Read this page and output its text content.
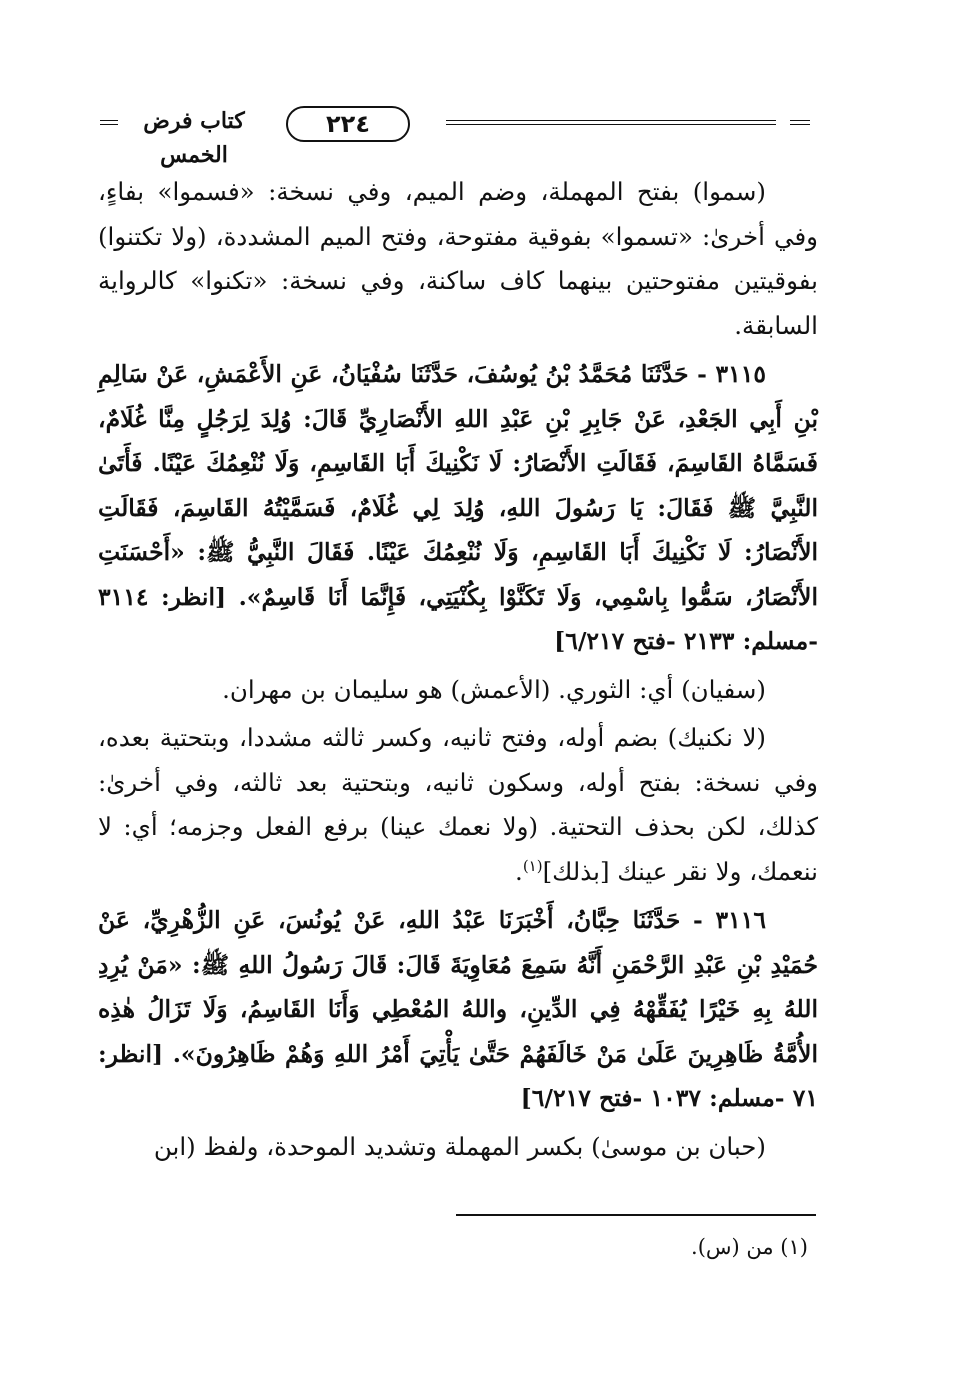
كتاب فرض الخمس
٢٢٤

(سموا) بفتح المهملة، وضم الميم، وفي نسخة: «فسموا» بفاءٍ، وفي أخرىٰ: «تسموا» بفوقية مفتوحة، وفتح الميم المشددة، (ولا تكتنوا) بفوقيتين مفتوحتين بينهما كاف ساكنة، وفي نسخة: «تكنوا» كالرواية السابقة.

٣١١٥ - حَدَّثَنَا مُحَمَّدُ بْنُ يُوسُفَ، حَدَّثَنَا سُفْيَانُ، عَنِ الأَعْمَشِ، عَنْ سَالِمِ بْنِ أَبِي الجَعْدِ، عَنْ جَابِرِ بْنِ عَبْدِ اللهِ الأَنْصَارِيِّ قَالَ: وُلِدَ لِرَجُلٍ مِنَّا غُلَامٌ، فَسَمَّاهُ القَاسِمَ، فَقَالَتِ الأَنْصَارُ: لَا نَكْنِيكَ أَبَا القَاسِمِ، وَلَا نُنْعِمُكَ عَيْنًا. فَأَتَىٰ النَّبِيَّ ﷺ فَقَالَ: يَا رَسُولَ اللهِ، وُلِدَ لِي غُلَامٌ، فَسَمَّيْتُهُ القَاسِمَ، فَقَالَتِ الأَنْصَارُ: لَا نَكْنِيكَ أَبَا القَاسِمِ، وَلَا نُنْعِمُكَ عَيْنًا. فَقَالَ النَّبِيُّ ﷺ: «أَحْسَنَتِ الأَنْصَارُ، سَمُّوا بِاسْمِي، وَلَا تَكَنَّوْا بِكُنْيَتِي، فَإِنَّمَا أَنَا قَاسِمٌ». [انظر: ٣١١٤ -مسلم: ٢١٣٣ -فتح ٦/٢١٧]

(سفيان) أي: الثوري. (الأعمش) هو سليمان بن مهران.

(لا نكنيك) بضم أوله، وفتح ثانيه، وكسر ثالثه مشددا، وبتحتية بعده، وفي نسخة: بفتح أوله، وسكون ثانيه، وبتحتية بعد ثالثه، وفي أخرىٰ: كذلك، لكن بحذف التحتية. (ولا نعمك عينا) برفع الفعل وجزمه؛ أي: لا ننعمك، ولا نقر عينك [بذلك]$^{(١)}$.

٣١١٦ - حَدَّثَنَا حِبَّانُ، أَخْبَرَنَا عَبْدُ اللهِ، عَنْ يُونُسَ، عَنِ الزُّهْرِيِّ، عَنْ حُمَيْدِ بْنِ عَبْدِ الرَّحْمَنِ أَنَّهُ سَمِعَ مُعَاوِيَةَ قَالَ: قَالَ رَسُولُ اللهِ ﷺ: «مَنْ يُرِدِ اللهُ بِهِ خَيْرًا يُفَقِّهْهُ فِي الدِّينِ، واللهُ المُعْطِي وَأَنَا القَاسِمُ، وَلَا تَزَالُ هٰذِه الأُمَّةُ ظَاهِرِينَ عَلَىٰ مَنْ خَالَفَهُمْ حَتَّىٰ يَأْتِيَ أَمْرُ اللهِ وَهُمْ ظَاهِرُونَ». [انظر: ٧١ -مسلم: ١٠٣٧ -فتح ٦/٢١٧]

(حبان بن موسىٰ) بكسر المهملة وتشديد الموحدة، ولفظ (ابن

(١) من (س).
